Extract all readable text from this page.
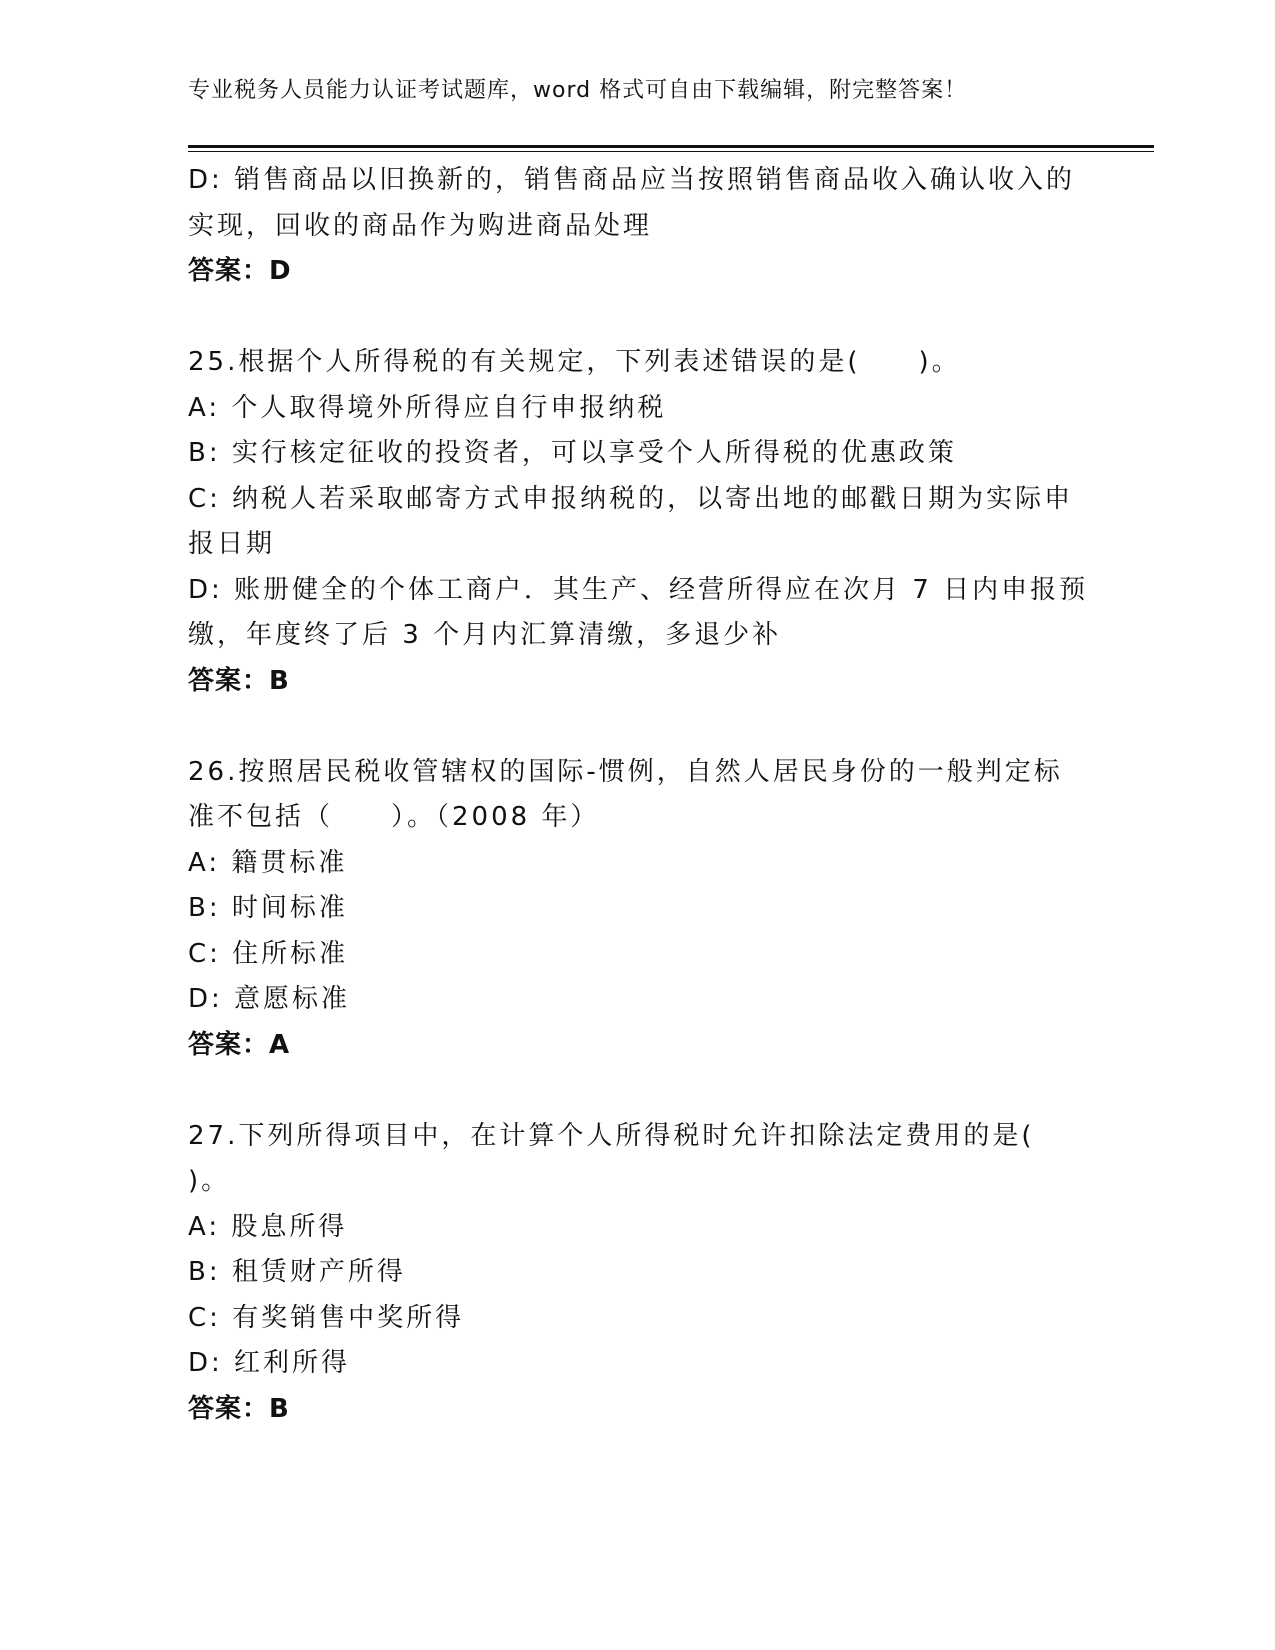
专业税务人员能力认证考试题库，word 格式可自由下载编辑，附完整答案！
D: 销售商品以旧换新的，销售商品应当按照销售商品收入确认收入的
实现，回收的商品作为购进商品处理
答案：D
25.根据个人所得税的有关规定，下列表述错误的是(　　)。
A: 个人取得境外所得应自行申报纳税
B: 实行核定征收的投资者，可以享受个人所得税的优惠政策
C: 纳税人若采取邮寄方式申报纳税的，以寄出地的邮戳日期为实际申
报日期
D: 账册健全的个体工商户．其生产、经营所得应在次月 7 日内申报预
缴，年度终了后 3 个月内汇算清缴，多退少补
答案：B
26.按照居民税收管辖权的国际-惯例，自然人居民身份的一般判定标
准不包括（　　）。（2008 年）
A: 籍贯标准
B: 时间标准
C: 住所标准
D: 意愿标准
答案：A
27.下列所得项目中，在计算个人所得税时允许扣除法定费用的是(
)。
A: 股息所得
B: 租赁财产所得
C: 有奖销售中奖所得
D: 红利所得
答案：B
